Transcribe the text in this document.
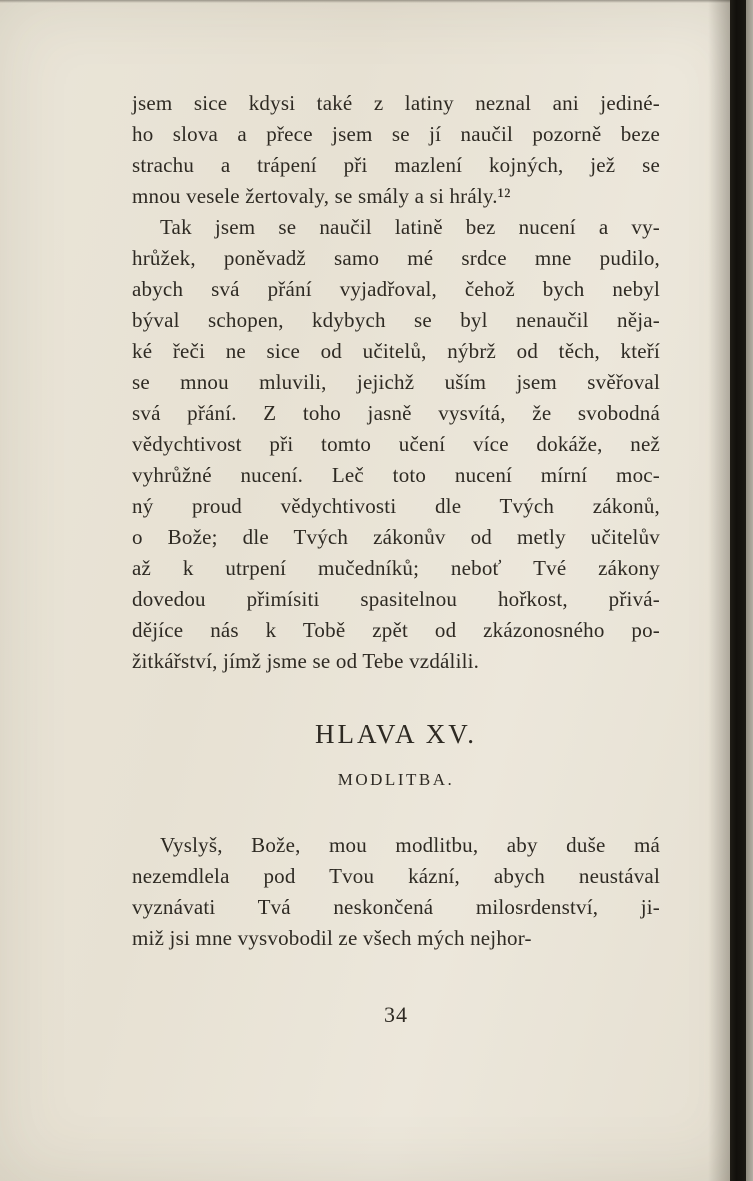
jsem sice kdysi také z latiny neznal ani jediné-
ho slova a přece jsem se jí naučil pozorně beze
strachu a trápení při mazlení kojných, jež se
mnou vesele žertovaly, se smály a si hrály.¹²
Tak jsem se naučil latině bez nucení a vy-
hrůžek, poněvadž samo mé srdce mne pudilo,
abych svá přání vyjadřoval, čehož bych nebyl
býval schopen, kdybych se byl nenaučil něja-
ké řeči ne sice od učitelů, nýbrž od těch, kteří
se mnou mluvili, jejichž uším jsem svěřoval
svá přání. Z toho jasně vysvítá, že svobodná
vědychtivost při tomto učení více dokáže, než
vyhrůžné nucení. Leč toto nucení mírní moc-
ný proud vědychtivosti dle Tvých zákonů,
o Bože; dle Tvých zákonův od metly učitelův
až k utrpení mučedníků; neboť Tvé zákony
dovedou přimísiti spasitelnou hořkost, přivá-
dějíce nás k Tobě zpět od zkázonosného po-
žitkářství, jímž jsme se od Tebe vzdálili.
HLAVA XV.
MODLITBA.
Vyslyš, Bože, mou modlitbu, aby duše má
nezemdlela pod Tvou kázní, abych neustával
vyznávati Tvá neskončená milosrdenství, ji-
miž jsi mne vysvobodil ze všech mých nejhor-
34
